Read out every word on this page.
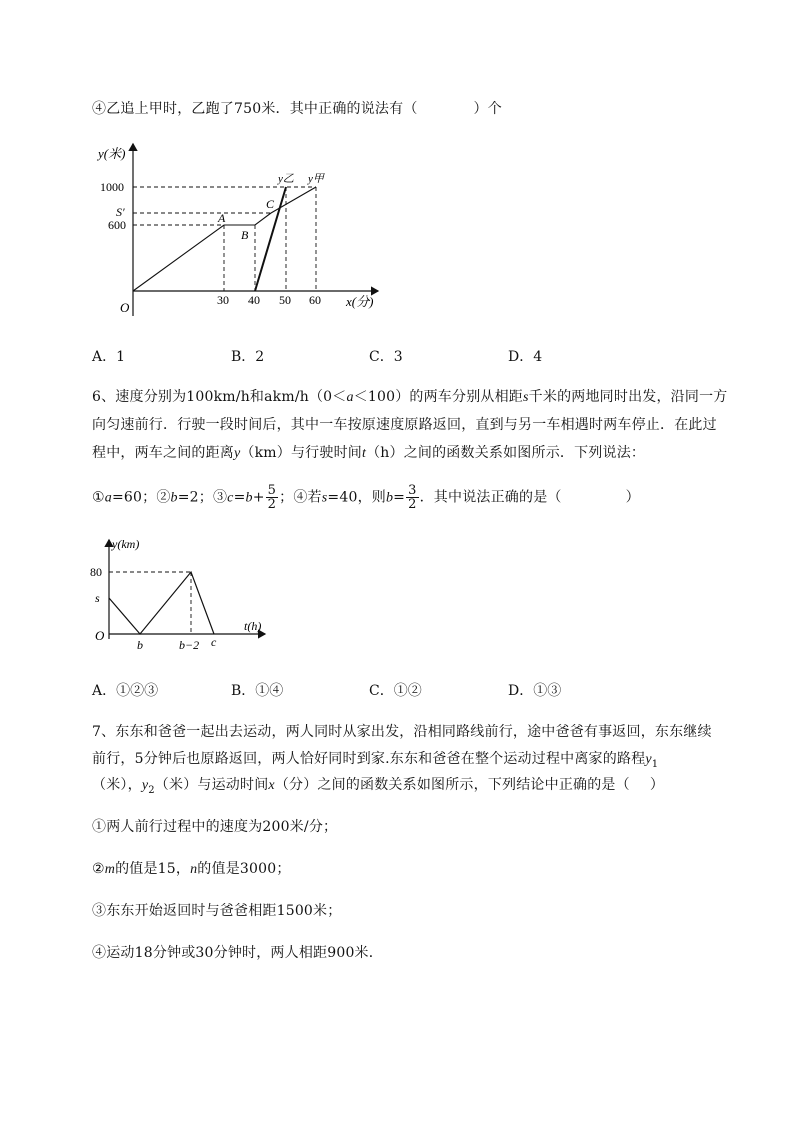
④乙追上甲时，乙跑了750米．其中正确的说法有（	）个
y(米)
x(分)
O
1000
S′
600
30 40 50 60
A
B
C
y乙 y甲
A．1	B．2	C．3	D．4
6、速度分别为100km/h和akm/h（0＜a＜100）的两车分别从相距s千米的两地同时出发，沿同一方
向匀速前行．行驶一段时间后，其中一车按原速度原路返回，直到与另一车相遇时两车停止．在此过
程中，两车之间的距离y（km）与行驶时间t（h）之间的函数关系如图所示．下列说法：
①a=60；②b=2；③c=b+ $\frac{5}{2}$ ；④若s=40，则$b= \frac{3}{2}$ ．其中说法正确的是（	）
y(km)
t(h)
O
80
s
b	b−2 c
A．①②③	B．①④	C．①②	D．①③
7、东东和爸爸一起出去运动，两人同时从家出发，沿相同路线前行，途中爸爸有事返回，东东继续
前行，5分钟后也原路返回，两人恰好同时到家.东东和爸爸在整个运动过程中离家的路程$y_1$
（米），$y_2$（米）与运动时间x（分）之间的函数关系如图所示，下列结论中正确的是（ ）
①两人前行过程中的速度为200米/分；
②m的值是15，n的值是3000；
③东东开始返回时与爸爸相距1500米；
④运动18分钟或30分钟时，两人相距900米．
